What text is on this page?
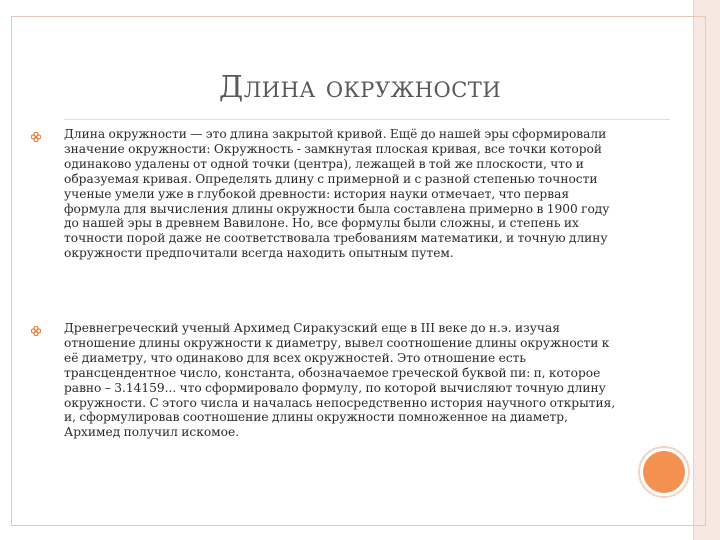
Длина окружности
Длина окружности — это длина закрытой кривой. Ещё до нашей эры сформировали значение окружности: Окружность - замкнутая плоская кривая, все точки которой одинаково удалены от одной точки (центра), лежащей в той же плоскости, что и образуемая кривая. Определять длину с примерной и с разной степенью точности ученые умели уже в глубокой древности: история науки отмечает, что первая формула для вычисления длины окружности была составлена примерно в 1900 году до нашей эры в древнем Вавилоне. Но, все формулы были сложны, и степень их точности порой даже не соответствовала требованиям математики, и точную длину окружности предпочитали всегда находить опытным путем.
Древнегреческий ученый Архимед Сиракузский еще в III веке до н.э. изучая отношение длины окружности к диаметру, вывел соотношение длины окружности к её диаметру, что одинаково для всех окружностей. Это отношение есть трансцендентное число, константа, обозначаемое греческой буквой пи: π, которое равно – 3.14159... что сформировало формулу, по которой вычисляют точную длину окружности. С этого числа и началась непосредственно история научного открытия, и, сформулировав соотношение длины окружности помноженное на диаметр, Архимед получил искомое.
